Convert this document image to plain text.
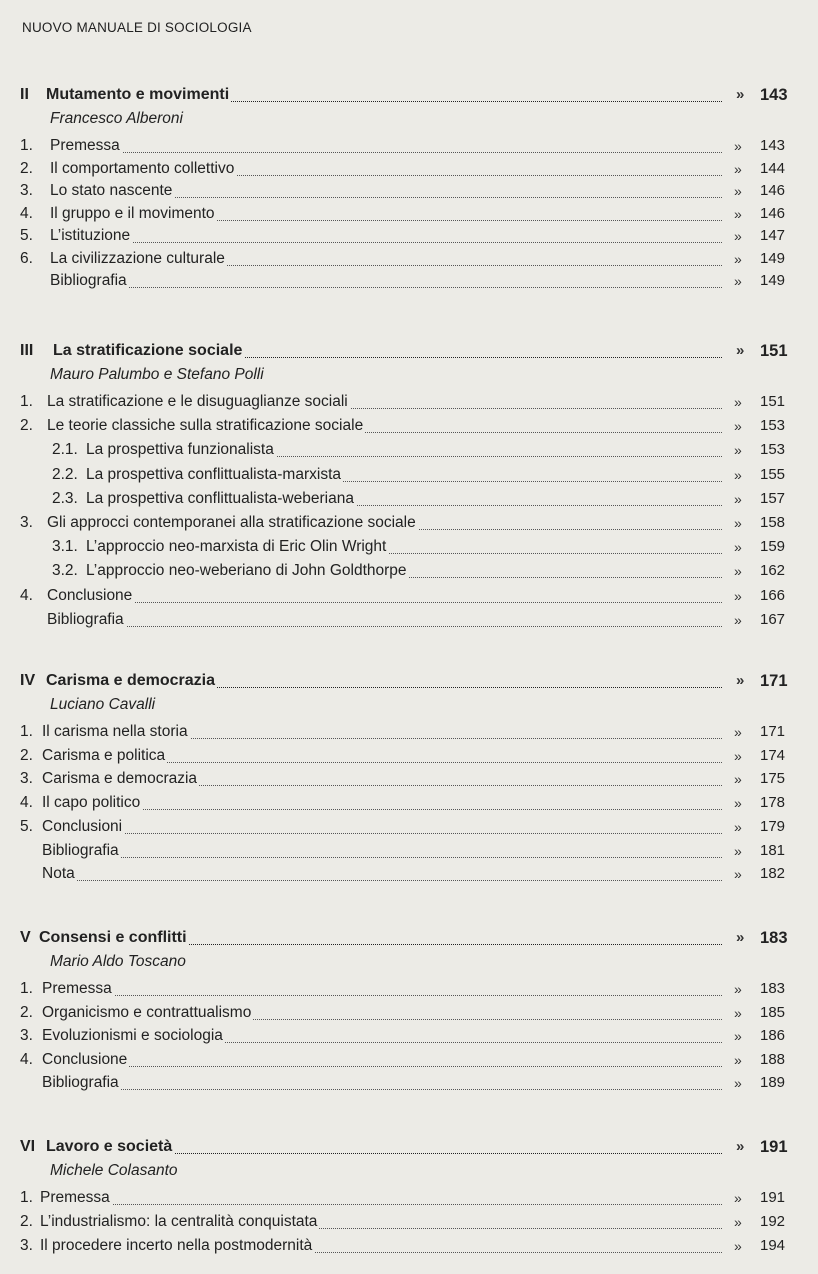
NUOVO MANUALE DI SOCIOLOGIA
II Mutamento e movimenti	» 143
Francesco Alberoni
1. Premessa	» 143
2. Il comportamento collettivo	» 144
3. Lo stato nascente	» 146
4. Il gruppo e il movimento	» 146
5. L’istituzione	» 147
6. La civilizzazione culturale	» 149
Bibliografia	» 149
III La stratificazione sociale	» 151
Mauro Palumbo e Stefano Polli
1. La stratificazione e le disuguaglianze sociali	» 151
2. Le teorie classiche sulla stratificazione sociale	» 153
2.1. La prospettiva funzionalista	» 153
2.2. La prospettiva conflittualista-marxista	» 155
2.3. La prospettiva conflittualista-weberiana	» 157
3. Gli approcci contemporanei alla stratificazione sociale	» 158
3.1. L’approccio neo-marxista di Eric Olin Wright	» 159
3.2. L’approccio neo-weberiano di John Goldthorpe	» 162
4. Conclusione	» 166
Bibliografia	» 167
IV Carisma e democrazia	» 171
Luciano Cavalli
1. Il carisma nella storia	» 171
2. Carisma e politica	» 174
3. Carisma e democrazia	» 175
4. Il capo politico	» 178
5. Conclusioni	» 179
Bibliografia	» 181
Nota	» 182
V Consensi e conflitti	» 183
Mario Aldo Toscano
1. Premessa	» 183
2. Organicismo e contrattualismo	» 185
3. Evoluzionismi e sociologia	» 186
4. Conclusione	» 188
Bibliografia	» 189
VI Lavoro e società	» 191
Michele Colasanto
1. Premessa	» 191
2. L’industrialismo: la centralità conquistata	» 192
3. Il procedere incerto nella postmodernità	» 194
